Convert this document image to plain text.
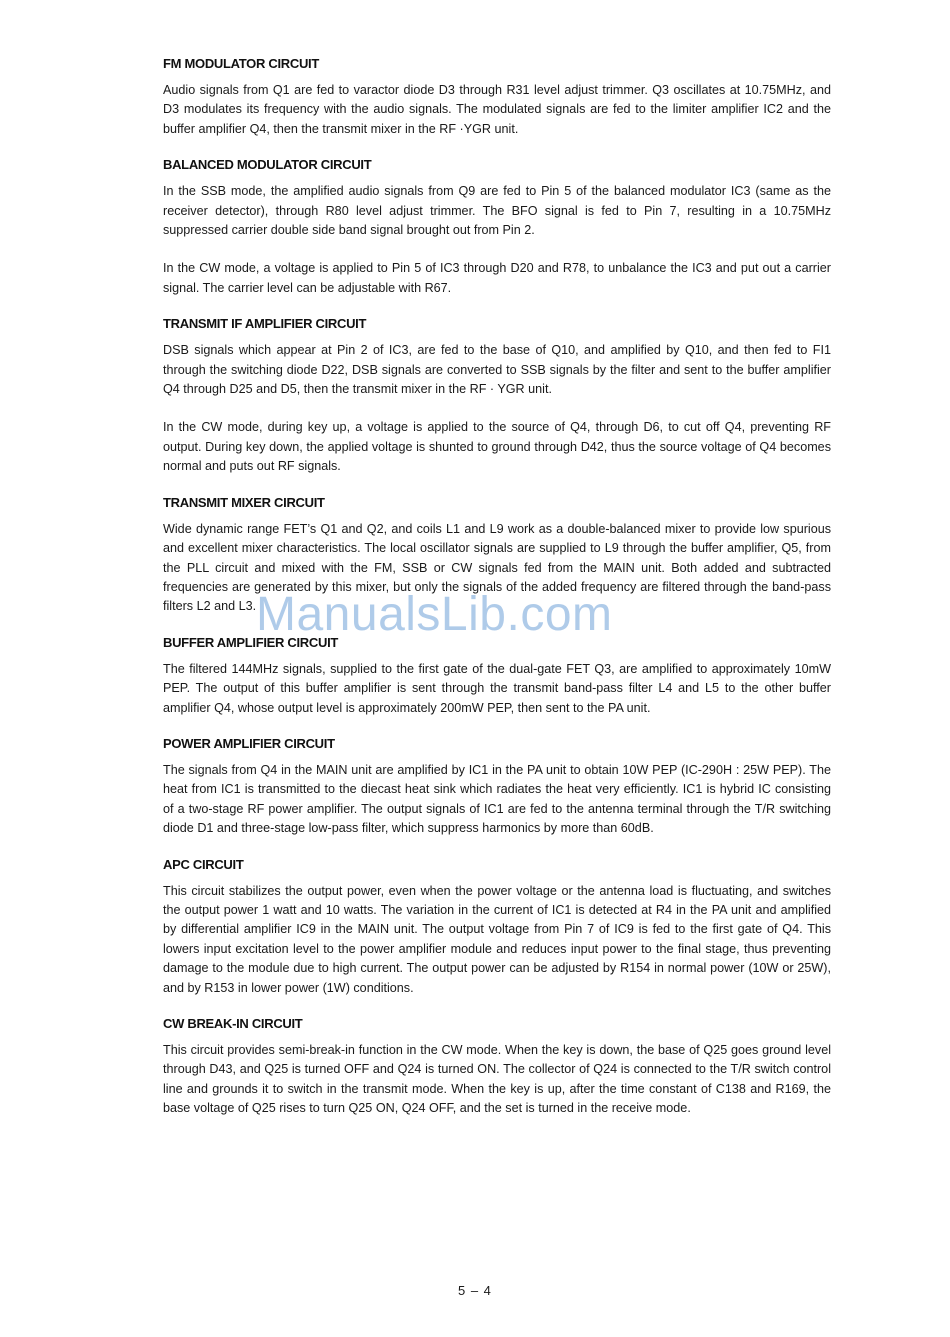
FM MODULATOR CIRCUIT

Audio signals from Q1 are fed to varactor diode D3 through R31 level adjust trimmer. Q3 oscillates at 10.75MHz, and D3 modulates its frequency with the audio signals. The modulated signals are fed to the limiter amplifier IC2 and the buffer amplifier Q4, then the transmit mixer in the RF ·YGR unit.

BALANCED MODULATOR CIRCUIT

In the SSB mode, the amplified audio signals from Q9 are fed to Pin 5 of the balanced modulator IC3 (same as the receiver detector), through R80 level adjust trimmer. The BFO signal is fed to Pin 7, resulting in a 10.75MHz suppressed carrier double side band signal brought out from Pin 2.

In the CW mode, a voltage is applied to Pin 5 of IC3 through D20 and R78, to unbalance the IC3 and put out a carrier signal. The carrier level can be adjustable with R67.

TRANSMIT IF AMPLIFIER CIRCUIT

DSB signals which appear at Pin 2 of IC3, are fed to the base of Q10, and amplified by Q10, and then fed to FI1 through the switching diode D22, DSB signals are converted to SSB signals by the filter and sent to the buffer amplifier Q4 through D25 and D5, then the transmit mixer in the RF · YGR unit.

In the CW mode, during key up, a voltage is applied to the source of Q4, through D6, to cut off Q4, preventing RF output. During key down, the applied voltage is shunted to ground through D42, thus the source voltage of Q4 becomes normal and puts out RF signals.

TRANSMIT MIXER CIRCUIT

Wide dynamic range FET’s Q1 and Q2, and coils L1 and L9 work as a double-balanced mixer to provide low spurious and excellent mixer characteristics. The local oscillator signals are supplied to L9 through the buffer amplifier, Q5, from the PLL circuit and mixed with the FM, SSB or CW signals fed from the MAIN unit. Both added and subtracted frequencies are generated by this mixer, but only the signals of the added frequency are filtered through the band-pass filters L2 and L3.

BUFFER AMPLIFIER CIRCUIT

The filtered 144MHz signals, supplied to the first gate of the dual-gate FET Q3, are amplified to approximately 10mW PEP. The output of this buffer amplifier is sent through the transmit band-pass filter L4 and L5 to the other buffer amplifier Q4, whose output level is approximately 200mW PEP, then sent to the PA unit.

POWER AMPLIFIER CIRCUIT

The signals from Q4 in the MAIN unit are amplified by IC1 in the PA unit to obtain 10W PEP (IC-290H : 25W PEP). The heat from IC1 is transmitted to the diecast heat sink which radiates the heat very efficiently. IC1 is hybrid IC consisting of a two-stage RF power amplifier. The output signals of IC1 are fed to the antenna terminal through the T/R switching diode D1 and three-stage low-pass filter, which suppress harmonics by more than 60dB.

APC CIRCUIT

This circuit stabilizes the output power, even when the power voltage or the antenna load is fluctuating, and switches the output power 1 watt and 10 watts. The variation in the current of IC1 is detected at R4 in the PA unit and amplified by differential amplifier IC9 in the MAIN unit. The output voltage from Pin 7 of IC9 is fed to the first gate of Q4. This lowers input excitation level to the power amplifier module and reduces input power to the final stage, thus preventing damage to the module due to high current. The output power can be adjusted by R154 in normal power (10W or 25W), and by R153 in lower power (1W) conditions.

CW BREAK-IN CIRCUIT

This circuit provides semi-break-in function in the CW mode. When the key is down, the base of Q25 goes ground level through D43, and Q25 is turned OFF and Q24 is turned ON. The collector of Q24 is connected to the T/R switch control line and grounds it to switch in the transmit mode. When the key is up, after the time constant of C138 and R169, the base voltage of Q25 rises to turn Q25 ON, Q24 OFF, and the set is turned in the receive mode.

ManualsLib.com
5 – 4
